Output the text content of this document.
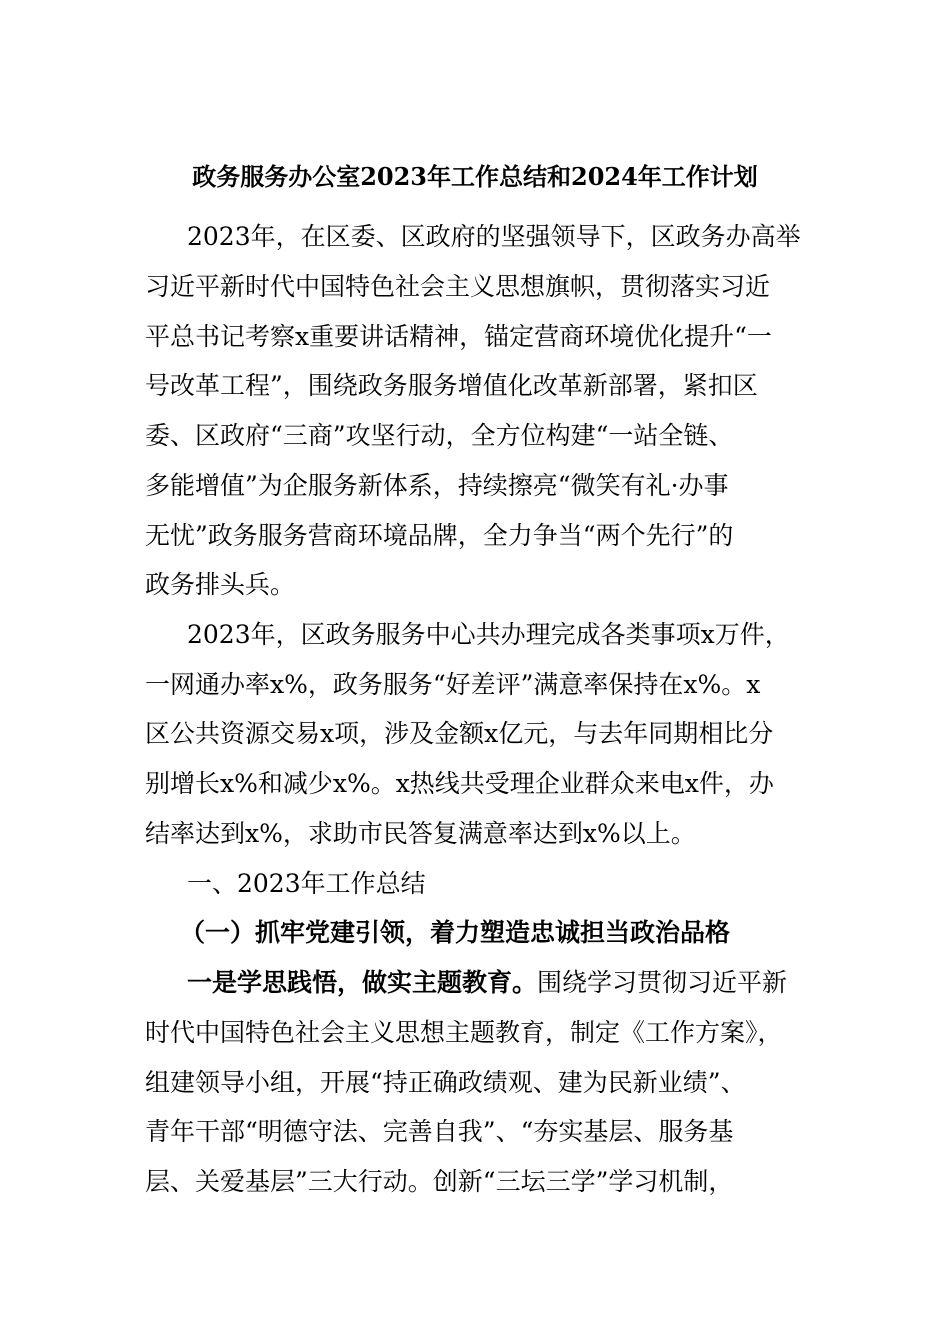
政务服务办公室2023年工作总结和2024年工作计划
2023年，在区委、区政府的坚强领导下，区政务办高举
习近平新时代中国特色社会主义思想旗帜，贯彻落实习近
平总书记考察x重要讲话精神，锚定营商环境优化提升“一
号改革工程”，围绕政务服务增值化改革新部署，紧扣区
委、区政府“三商”攻坚行动，全方位构建“一站全链、
多能增值”为企服务新体系，持续擦亮“微笑有礼·办事
无忧”政务服务营商环境品牌，全力争当“两个先行”的
政务排头兵。
2023年，区政务服务中心共办理完成各类事项x万件，
一网通办率x%，政务服务“好差评”满意率保持在x%。x
区公共资源交易x项，涉及金额x亿元，与去年同期相比分
别增长x%和减少x%。x热线共受理企业群众来电x件，办
结率达到x%，求助市民答复满意率达到x%以上。
一、2023年工作总结
（一）抓牢党建引领，着力塑造忠诚担当政治品格
一是学思践悟，做实主题教育。围绕学习贯彻习近平新
时代中国特色社会主义思想主题教育，制定《工作方案》，
组建领导小组，开展“持正确政绩观、建为民新业绩”、
青年干部“明德守法、完善自我”、“夯实基层、服务基
层、关爱基层”三大行动。创新“三坛三学”学习机制，
